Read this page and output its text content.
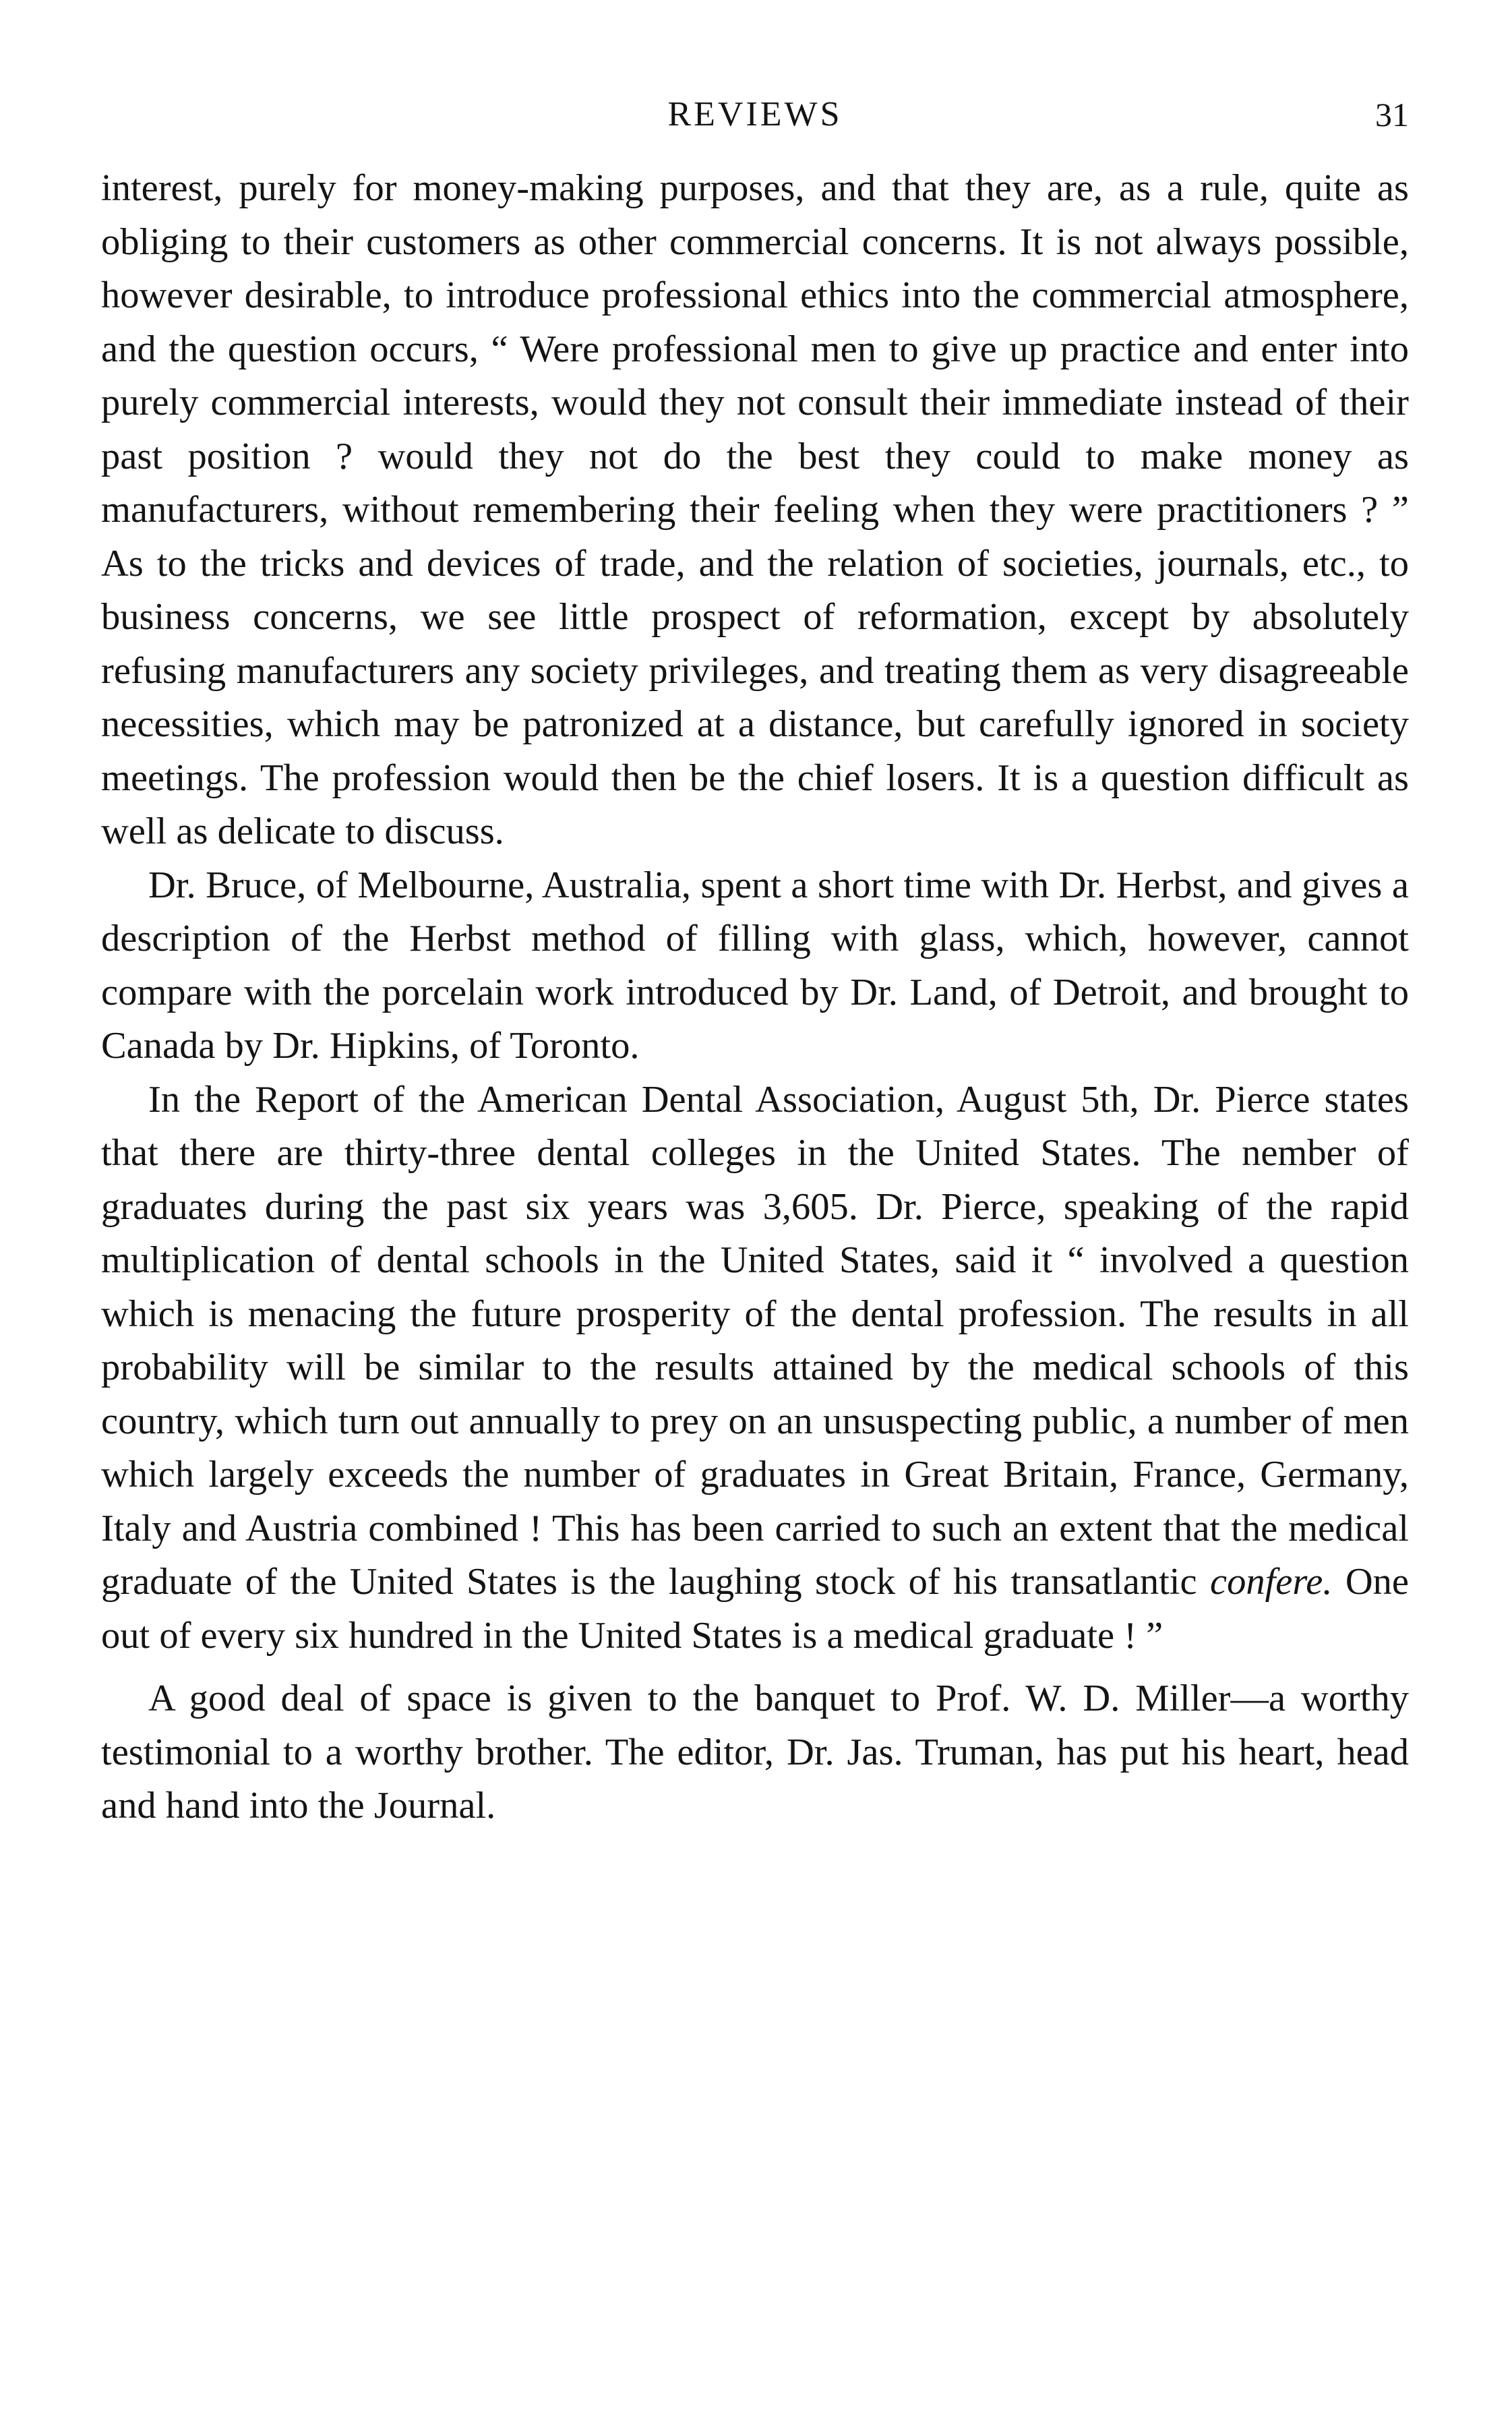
REVIEWS	31

interest, purely for money-making purposes, and that they are, as a rule, quite as obliging to their customers as other commercial concerns. It is not always possible, however desirable, to introduce professional ethics into the commercial atmosphere, and the question occurs, “ Were professional men to give up practice and enter into purely commercial interests, would they not consult their immediate instead of their past position ? would they not do the best they could to make money as manufacturers, without remembering their feeling when they were practitioners ? ” As to the tricks and devices of trade, and the relation of societies, journals, etc., to business concerns, we see little prospect of reformation, except by absolutely refusing manufacturers any society privileges, and treating them as very disagreeable necessities, which may be patronized at a distance, but carefully ignored in society meetings. The profession would then be the chief losers. It is a question difficult as well as delicate to discuss.

Dr. Bruce, of Melbourne, Australia, spent a short time with Dr. Herbst, and gives a description of the Herbst method of filling with glass, which, however, cannot compare with the porcelain work introduced by Dr. Land, of Detroit, and brought to Canada by Dr. Hipkins, of Toronto.

In the Report of the American Dental Association, August 5th, Dr. Pierce states that there are thirty-three dental colleges in the United States. The nember of graduates during the past six years was 3,605. Dr. Pierce, speaking of the rapid multiplication of dental schools in the United States, said it “ involved a question which is menacing the future prosperity of the dental profession. The results in all probability will be similar to the results attained by the medical schools of this country, which turn out annually to prey on an unsuspecting public, a number of men which largely exceeds the number of graduates in Great Britain, France, Germany, Italy and Austria combined ! This has been carried to such an extent that the medical graduate of the United States is the laughing stock of his transatlantic confere. One out of every six hundred in the United States is a medical graduate ! ”

A good deal of space is given to the banquet to Prof. W. D. Miller—a worthy testimonial to a worthy brother. The editor, Dr. Jas. Truman, has put his heart, head and hand into the Journal.
